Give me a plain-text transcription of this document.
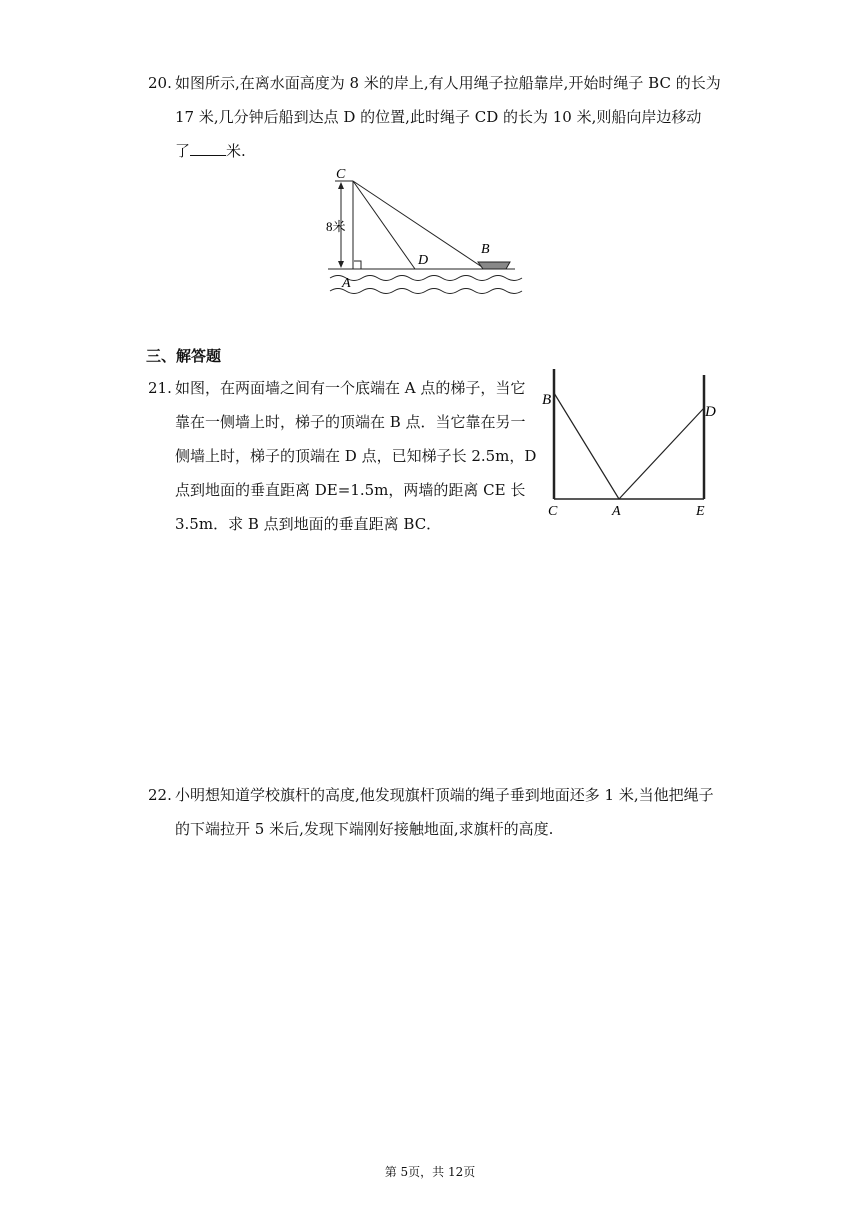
20. 如图所示,在离水面高度为 8 米的岸上,有人用绳子拉船靠岸,开始时绳子 BC 的长为
17 米,几分钟后船到达点 D 的位置,此时绳子 CD 的长为 10 米,则船向岸边移动
了 米.
C
8米
D
B
A
三、解答题
21. 如图，在两面墙之间有一个底端在 A 点的梯子，当它
靠在一侧墙上时，梯子的顶端在 B 点．当它靠在另一
侧墙上时，梯子的顶端在 D 点，已知梯子长 2.5m，D
点到地面的垂直距离 DE=1.5m，两墙的距离 CE 长
3.5m．求 B 点到地面的垂直距离 BC．
B
D
C	A	E
22. 小明想知道学校旗杆的高度,他发现旗杆顶端的绳子垂到地面还多 1 米,当他把绳子
的下端拉开 5 米后,发现下端刚好接触地面,求旗杆的高度.
第 5页，共 12页
